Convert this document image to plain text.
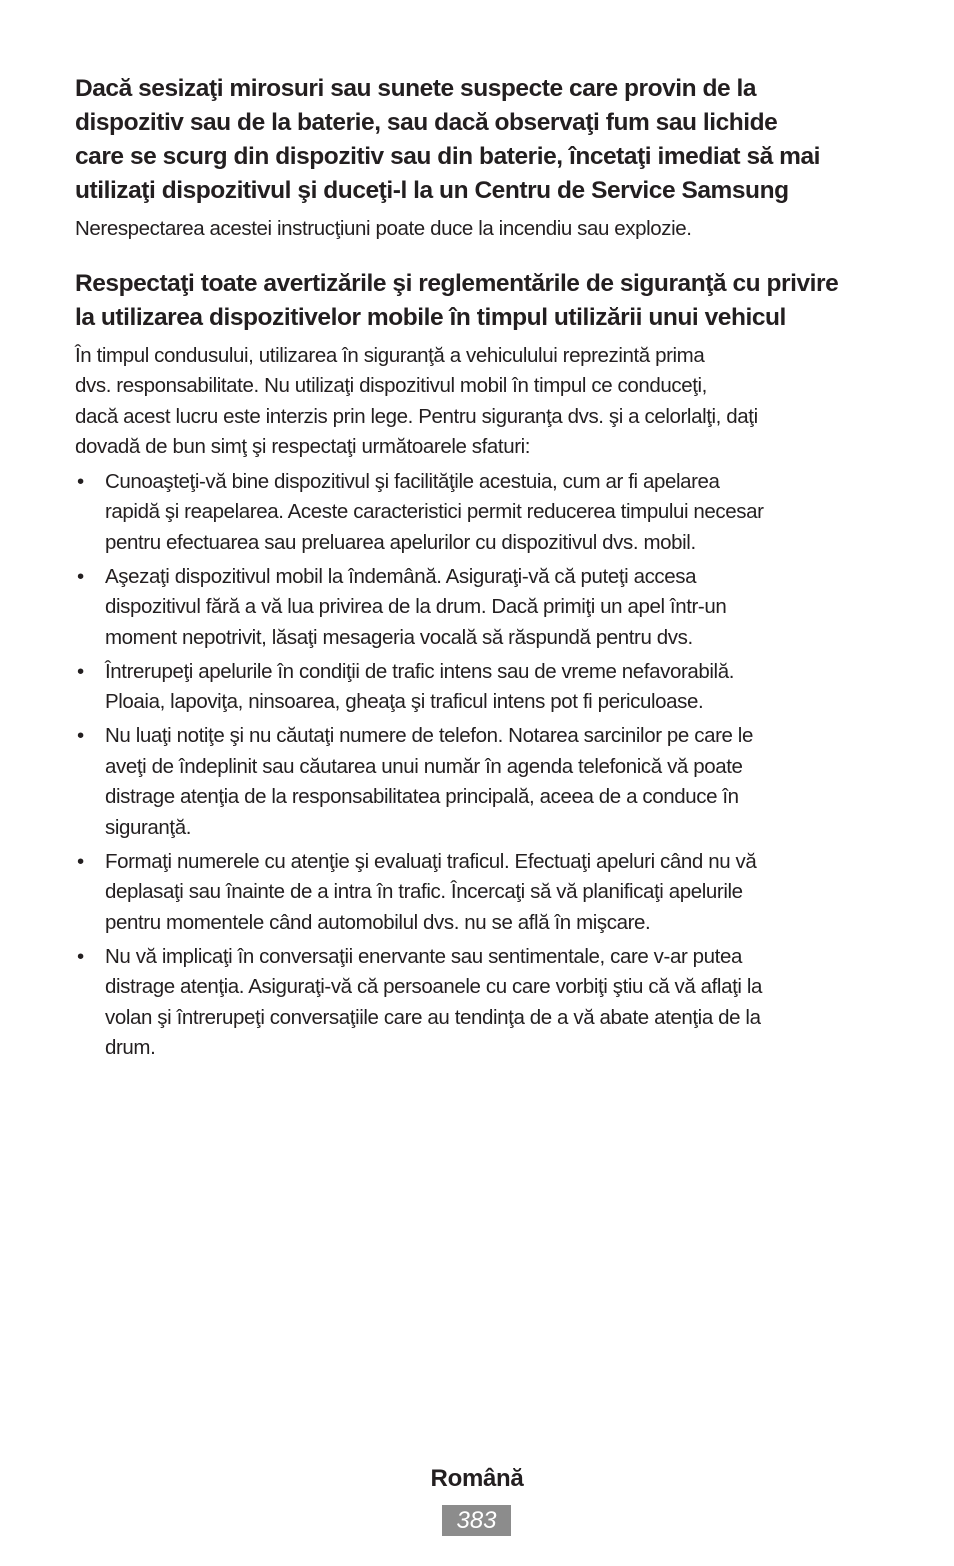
Dacă sesizaţi mirosuri sau sunete suspecte care provin de la
dispozitiv sau de la baterie, sau dacă observaţi fum sau lichide
care se scurg din dispozitiv sau din baterie, încetaţi imediat să mai
utilizaţi dispozitivul şi duceţi-l la un Centru de Service Samsung

Nerespectarea acestei instrucţiuni poate duce la incendiu sau explozie.

Respectaţi toate avertizările şi reglementările de siguranţă cu privire
la utilizarea dispozitivelor mobile în timpul utilizării unui vehicul

În timpul condusului, utilizarea în siguranţă a vehiculului reprezintă prima
dvs. responsabilitate. Nu utilizaţi dispozitivul mobil în timpul ce conduceţi,
dacă acest lucru este interzis prin lege. Pentru siguranţa dvs. şi a celorlalţi, daţi
dovadă de bun simţ şi respectaţi următoarele sfaturi:

• Cunoaşteţi-vă bine dispozitivul şi facilităţile acestuia, cum ar fi apelarea
rapidă şi reapelarea. Aceste caracteristici permit reducerea timpului necesar
pentru efectuarea sau preluarea apelurilor cu dispozitivul dvs. mobil.
• Aşezaţi dispozitivul mobil la îndemână. Asiguraţi-vă că puteţi accesa
dispozitivul fără a vă lua privirea de la drum. Dacă primiţi un apel într-un
moment nepotrivit, lăsaţi mesageria vocală să răspundă pentru dvs.
• Întrerupeţi apelurile în condiţii de trafic intens sau de vreme nefavorabilă.
Ploaia, lapoviţa, ninsoarea, gheaţa şi traficul intens pot fi periculoase.
• Nu luaţi notiţe şi nu căutaţi numere de telefon. Notarea sarcinilor pe care le
aveţi de îndeplinit sau căutarea unui număr în agenda telefonică vă poate
distrage atenţia de la responsabilitatea principală, aceea de a conduce în
siguranţă.
• Formaţi numerele cu atenţie şi evaluaţi traficul. Efectuaţi apeluri când nu vă
deplasaţi sau înainte de a intra în trafic. Încercaţi să vă planificaţi apelurile
pentru momentele când automobilul dvs. nu se află în mişcare.
• Nu vă implicaţi în conversaţii enervante sau sentimentale, care v-ar putea
distrage atenţia. Asiguraţi-vă că persoanele cu care vorbiţi ştiu că vă aflaţi la
volan şi întrerupeţi conversaţiile care au tendinţa de a vă abate atenţia de la
drum.
Română
383
